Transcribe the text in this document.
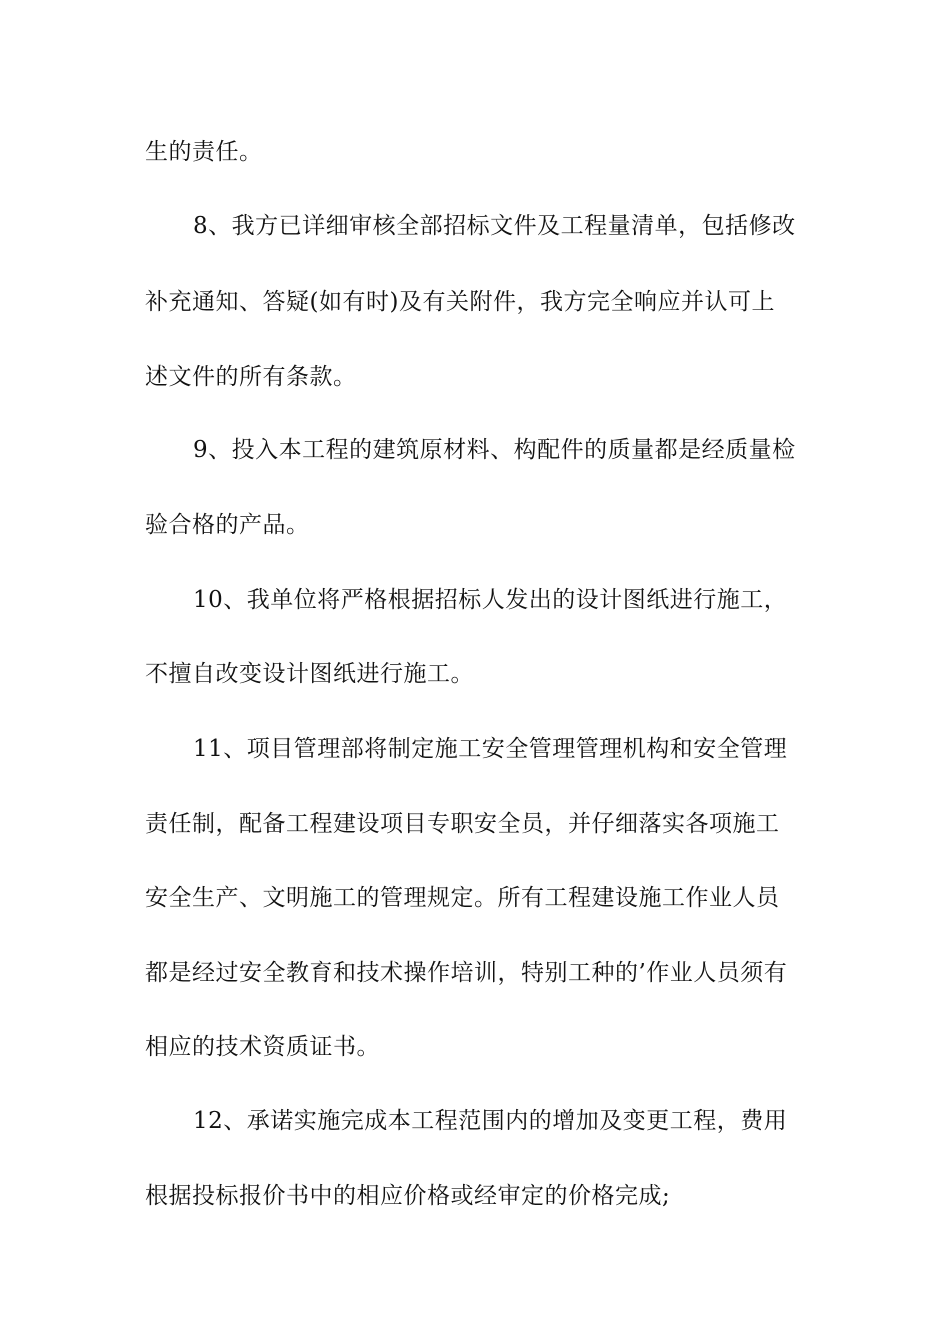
生的责任。
8、我方已详细审核全部招标文件及工程量清单，包括修改
补充通知、答疑(如有时)及有关附件，我方完全响应并认可上
述文件的所有条款。
9、投入本工程的建筑原材料、构配件的质量都是经质量检
验合格的产品。
10、我单位将严格根据招标人发出的设计图纸进行施工，
不擅自改变设计图纸进行施工。
11、项目管理部将制定施工安全管理管理机构和安全管理
责任制，配备工程建设项目专职安全员，并仔细落实各项施工
安全生产、文明施工的管理规定。所有工程建设施工作业人员
都是经过安全教育和技术操作培训，特别工种的’作业人员须有
相应的技术资质证书。
12、承诺实施完成本工程范围内的增加及变更工程，费用
根据投标报价书中的相应价格或经审定的价格完成;
